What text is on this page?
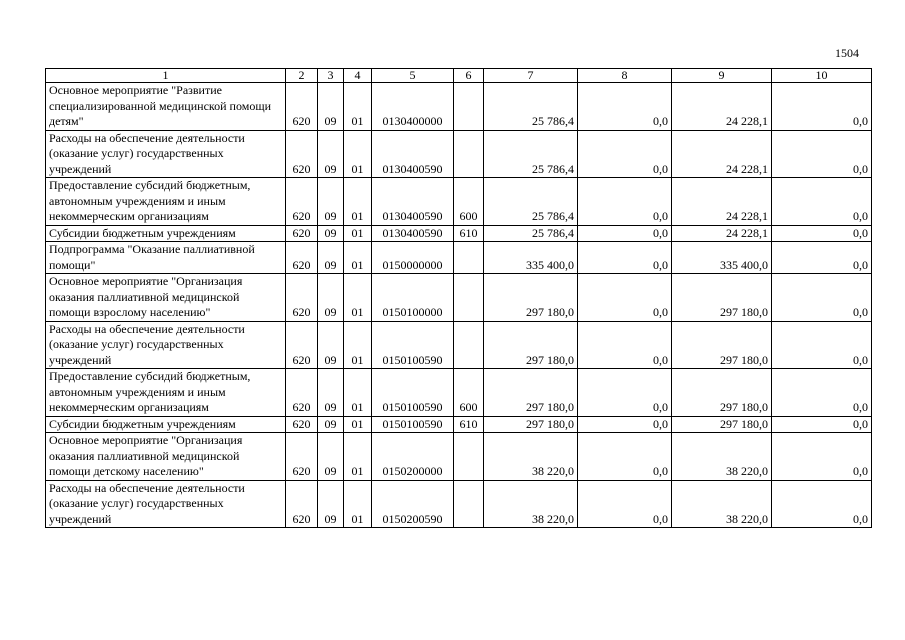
1504
1	2	3	4	5	6	7	8	9	10
Основное мероприятие "Развитие специализированной медицинской помощи детям"	620	09	01	0130400000		25 786,4	0,0	24 228,1	0,0
Расходы на обеспечение деятельности (оказание услуг) государственных учреждений	620	09	01	0130400590		25 786,4	0,0	24 228,1	0,0
Предоставление субсидий бюджетным, автономным учреждениям и иным некоммерческим организациям	620	09	01	0130400590	600	25 786,4	0,0	24 228,1	0,0
Субсидии бюджетным учреждениям	620	09	01	0130400590	610	25 786,4	0,0	24 228,1	0,0
Подпрограмма "Оказание паллиативной помощи"	620	09	01	0150000000		335 400,0	0,0	335 400,0	0,0
Основное мероприятие "Организация оказания паллиативной медицинской помощи взрослому населению"	620	09	01	0150100000		297 180,0	0,0	297 180,0	0,0
Расходы на обеспечение деятельности (оказание услуг) государственных учреждений	620	09	01	0150100590		297 180,0	0,0	297 180,0	0,0
Предоставление субсидий бюджетным, автономным учреждениям и иным некоммерческим организациям	620	09	01	0150100590	600	297 180,0	0,0	297 180,0	0,0
Субсидии бюджетным учреждениям	620	09	01	0150100590	610	297 180,0	0,0	297 180,0	0,0
Основное мероприятие "Организация оказания паллиативной медицинской помощи детскому населению"	620	09	01	0150200000		38 220,0	0,0	38 220,0	0,0
Расходы на обеспечение деятельности (оказание услуг) государственных учреждений	620	09	01	0150200590		38 220,0	0,0	38 220,0	0,0
